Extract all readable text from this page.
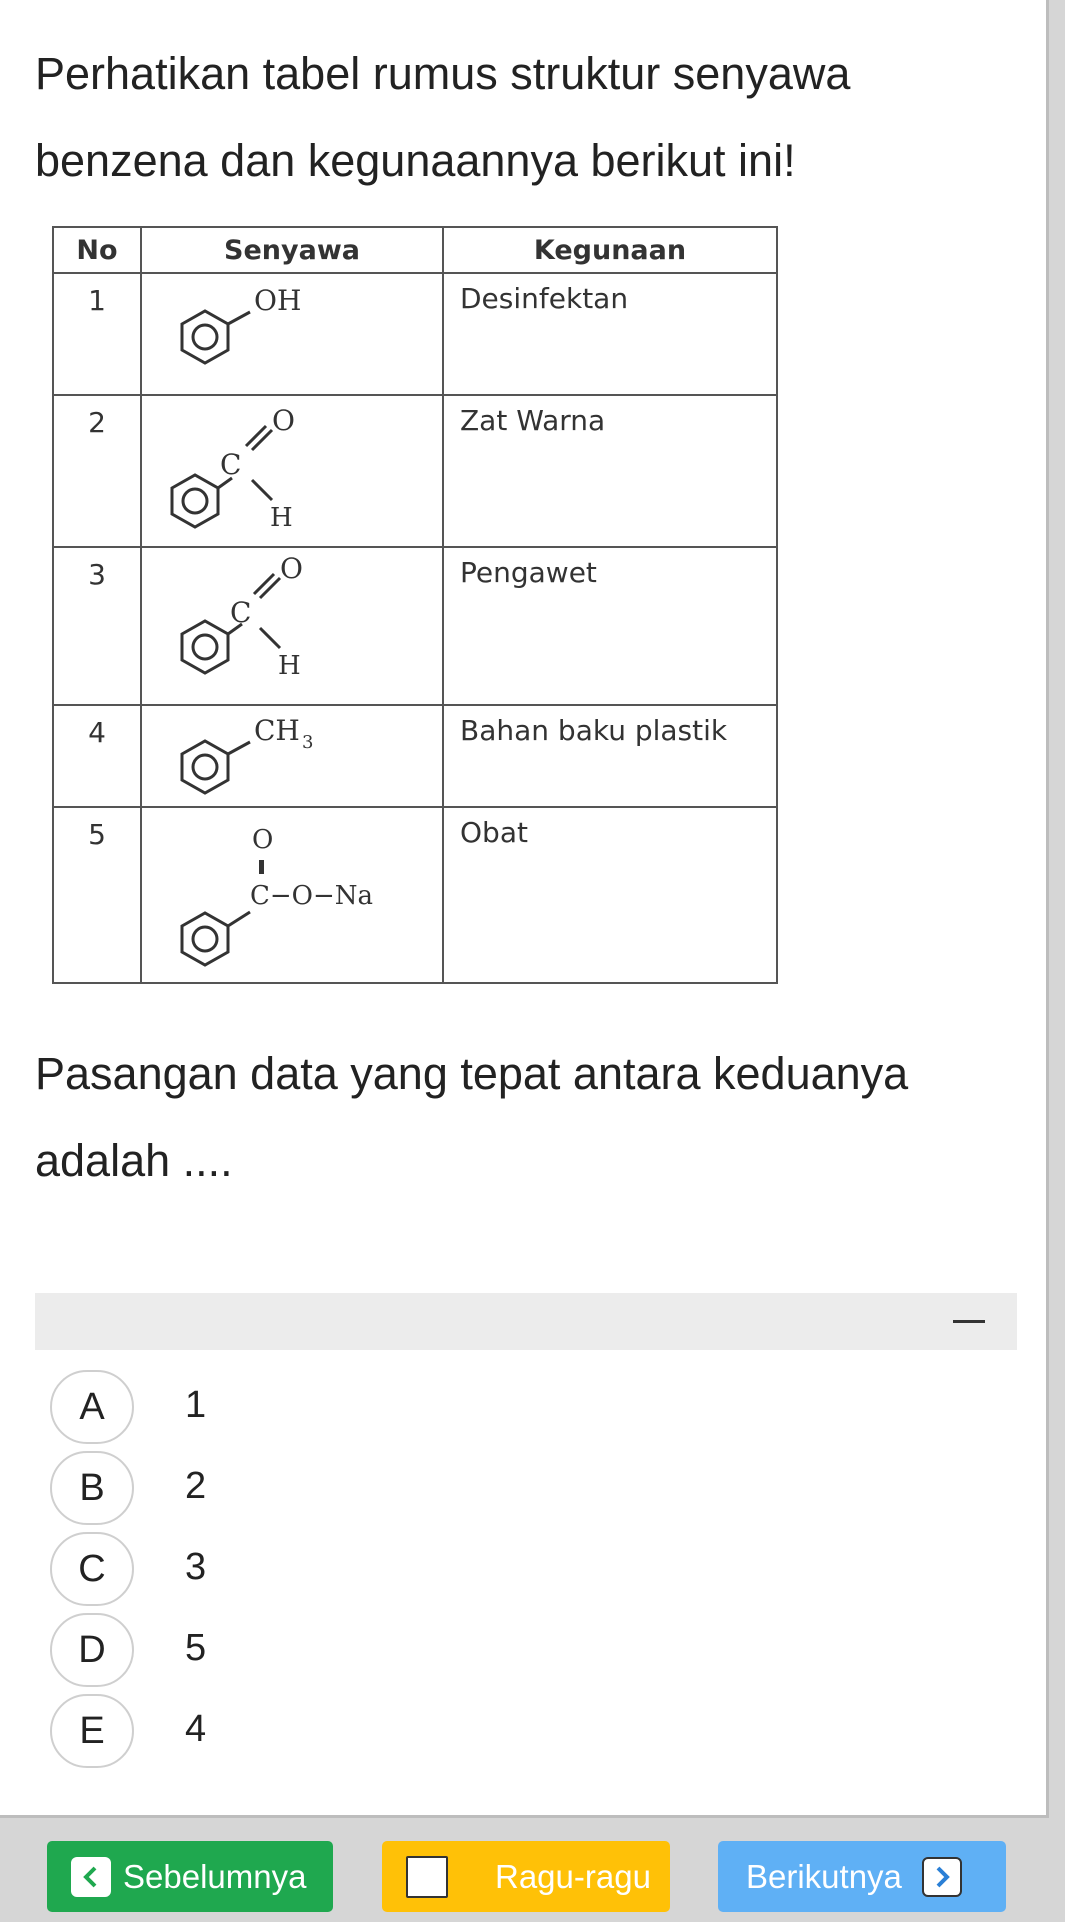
Perhatikan tabel rumus struktur senyawa benzena dan kegunaannya berikut ini!
No	Senyawa	Kegunaan
1	OH	Desinfektan
2	C
O
H	Zat Warna
3	C
O
H	Pengawet
4	CH 3	Bahan baku plastik
5	O
C−O−Na	Obat
Pasangan data yang tepat antara keduanya adalah ....
A	1
B	2
C	3
D	5
E	4
Sebelumnya	Ragu-ragu	Berikutnya
